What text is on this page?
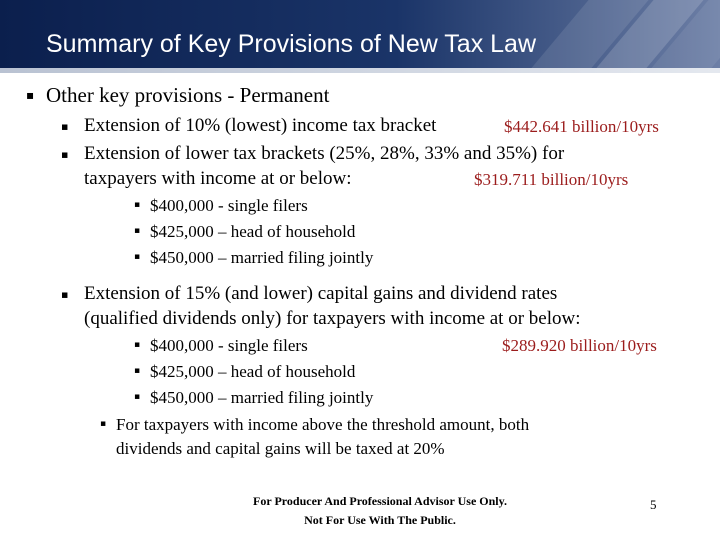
Summary of Key Provisions of New Tax Law
▪ Other key provisions - Permanent
▪ Extension of 10% (lowest) income tax bracket	$442.641 billion/10yrs
▪ Extension of lower tax brackets (25%, 28%, 33% and 35%) for
taxpayers with income at or below:	$319.711 billion/10yrs
▪ $400,000 - single filers
▪ $425,000 – head of household
▪ $450,000 – married filing jointly
▪ Extension of 15% (and lower) capital gains and dividend rates
(qualified dividends only) for taxpayers with income at or below:
▪ $400,000 - single filers	$289.920 billion/10yrs
▪ $425,000 – head of household
▪ $450,000 – married filing jointly
▪ For taxpayers with income above the threshold amount, both
dividends and capital gains will be taxed at 20%
For Producer And Professional Advisor Use Only.
Not For Use With The Public.
5
